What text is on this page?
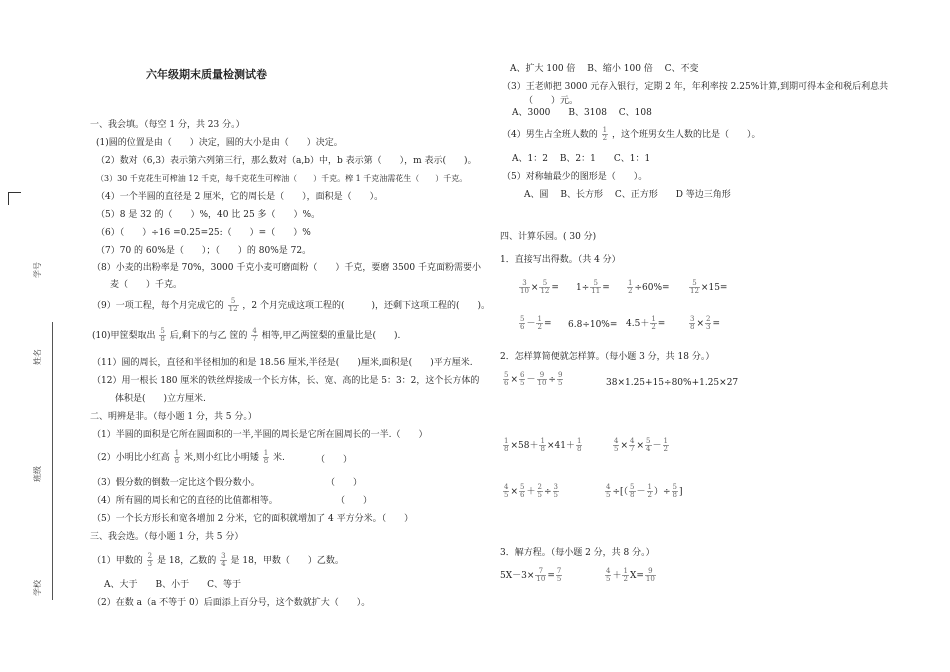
学号
姓名
班级
学校
六年级期末质量检测试卷
一、我会填。（每空 1 分，共 23 分。）
(1)圆的位置是由（　　）决定，圆的大小是由（　　）决定。
（2）数对（6,3）表示第六列第三行，那么数对（a,b）中，b 表示第（　　），m 表示(　　)。
（3）30 千克花生可榨油 12 千克，每千克花生可榨油（　　）千克。榨 1 千克油需花生（　　）千克。
（4）一个半圆的直径是 2 厘米，它的周长是（　　），面积是（　　）。
（5）8 是 32 的（　　）%，40 比 25 多（　　）%。
（6）（　　）÷16 =0.25=25:（　　）=（　　）%
（7）70 的 60%是（　　）；（　　）的 80%是 72。
（8）小麦的出粉率是 70%，3000 千克小麦可磨面粉（　　）千克，要磨 3500 千克面粉需要小
麦（　　）千克。
（9）一项工程，每个月完成它的 $\frac{5}{12}$ ，2 个月完成这项工程的(　　　)，还剩下这项工程的(　　)。
(10)甲筐梨取出 $\frac{5}{8}$ 后,剩下的与乙 筐的 $\frac{4}{7}$ 相等,甲乙两筐梨的重量比是(　　).
（11）圆的周长，直径和半径相加的和是 18.56 厘米,半径是(　　)厘米,面积是(　　)平方厘米.
（12）用一根长 180 厘米的铁丝焊接成一个长方体，长、宽、高的比是 5：3：2，这个长方体的
体积是(　　)立方厘米.
二、明辨是非。（每小题 1 分，共 5 分。）
（1）半圆的面积是它所在圆面积的一半,半圆的周长是它所在圆周长的一半.（　　）
（2）小明比小红高 $\frac{1}{8}$ 米,则小红比小明矮 $\frac{1}{8}$ 米.	（　　）
（3）假分数的倒数一定比这个假分数小。	（　　）
（4）所有圆的周长和它的直径的比值都相等。	（　　）
（5）一个长方形长和宽各增加 2 分米，它的面积就增加了 4 平方分米。（　　）
三、我会选。（每小题 1 分，共 5 分）
（1）甲数的 $\frac{2}{3}$ 是 18，乙数的 $\frac{3}{4}$ 是 18，甲数（　　）乙数。
A、大于　　B、小于　　C、等于
（2）在数 a（a 不等于 0）后面添上百分号，这个数就扩大（　　）。
A、扩大 100 倍　 B、缩小 100 倍　 C、不变
（3）王老师把 3000 元存入银行，定期 2 年，年利率按 2.25%计算,到期可得本金和税后利息共
（　　）元。
A、3000　　B、3108　 C、108
（4）男生占全班人数的 $\frac{1}{2}$ ，这个班男女生人数的比是（　　）。
A、1：2　 B、2：1　　C、1：1
（5）对称轴最少的图形是（　　）。
A、圆　 B、长方形　 C、正方形　　D 等边三角形
四、计算乐园。( 30 分)
1．直接写出得数。（共 4 分）
$\frac{3}{10} \times \frac{5}{12} = 1\div \frac{5}{11} = \frac{1}{2} \div 60\%=$	$\frac{5}{12} \times 15=$
$\frac{5}{6} - \frac{1}{2} = 6.8\div 10\%= 4.5+ \frac{1}{2}$ =	$\frac{3}{8} \times \frac{2}{3}$ =
2．怎样算简便就怎样算。（每小题 3 分，共 18 分。）
$\frac{5}{6} \times \frac{6}{5} - \frac{9}{10} \div \frac{9}{5}$	38×1.25+15÷80%+1.25×27
$\frac{1}{8} \times 58+ \frac{1}{8} \times 41+ \frac{1}{8}$	$\frac{4}{5} \times \frac{4}{7} \times \frac{5}{4} - \frac{1}{2}$
$\frac{4}{5} \times \frac{5}{6} + \frac{2}{5} \div \frac{3}{5}$	$\frac{4}{5}$ ÷[（ $\frac{5}{8} - \frac{1}{2}$ ）÷ $\frac{5}{8}$ ]
3．解方程。（每小题 2 分，共 8 分。）
$5X-3\times \frac{7}{10} = \frac{7}{5}$	$\frac{4}{5} + \frac{1}{2} X= \frac{9}{10}$
